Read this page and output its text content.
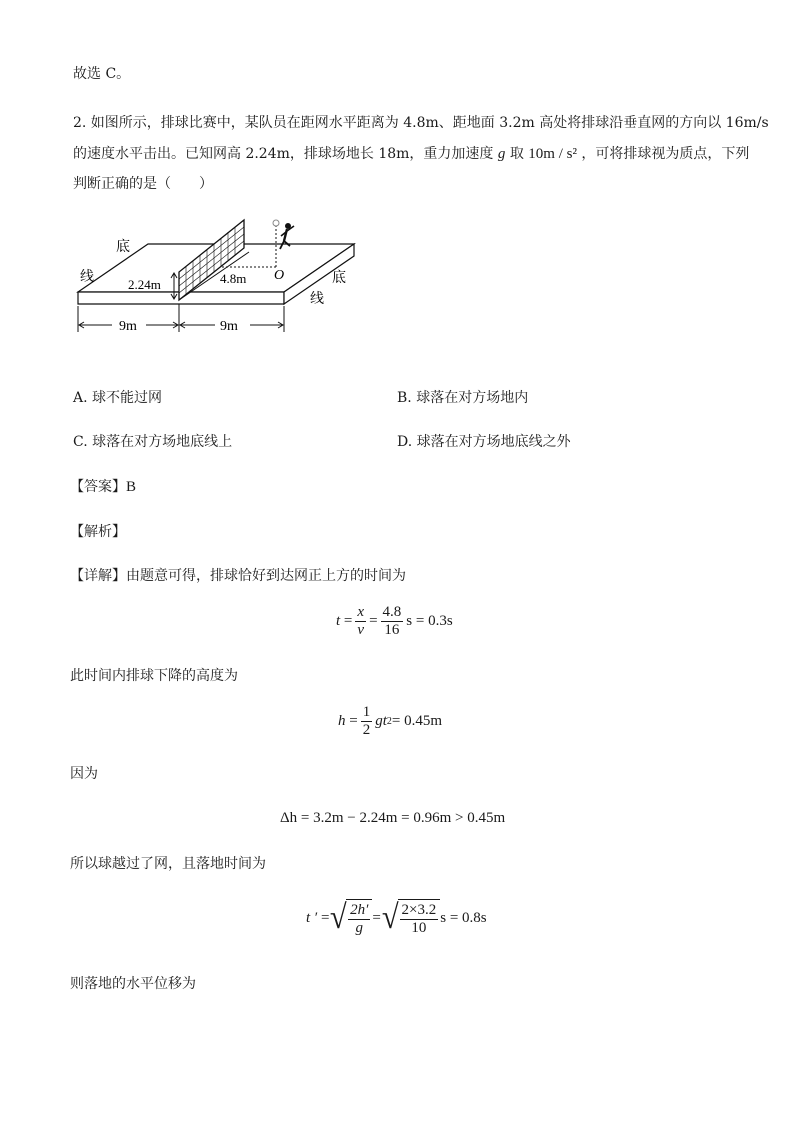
故选 C。
2. 如图所示，排球比赛中，某队员在距网水平距离为 4.8m、距地面 3.2m 高处将排球沿垂直网的方向以 16m/s
的速度水平击出。已知网高 2.24m，排球场地长 18m，重力加速度 g 取 10m / s² ，可将排球视为质点，下列
判断正确的是（　　）
2.24m	4.8m O
底
线	底
线
9m	9m
A. 球不能过网	B. 球落在对方场地内
C. 球落在对方场地底线上	D. 球落在对方场地底线之外
【答案】B
【解析】
【详解】由题意可得，排球恰好到达网正上方的时间为
$t = \frac{x}{v} = \frac{4.8}{16}$ s = 0.3s
此时间内排球下降的高度为
$h = \frac{1}{2}$ gt 2 = 0.45m
因为
Δh = 3.2m − 2.24m = 0.96m > 0.45m
所以球越过了网，且落地时间为
t ′ = √ $\frac{2h'}{g}$ = √ $\frac{2\times 3.2}{10}$ s = 0.8s
则落地的水平位移为
